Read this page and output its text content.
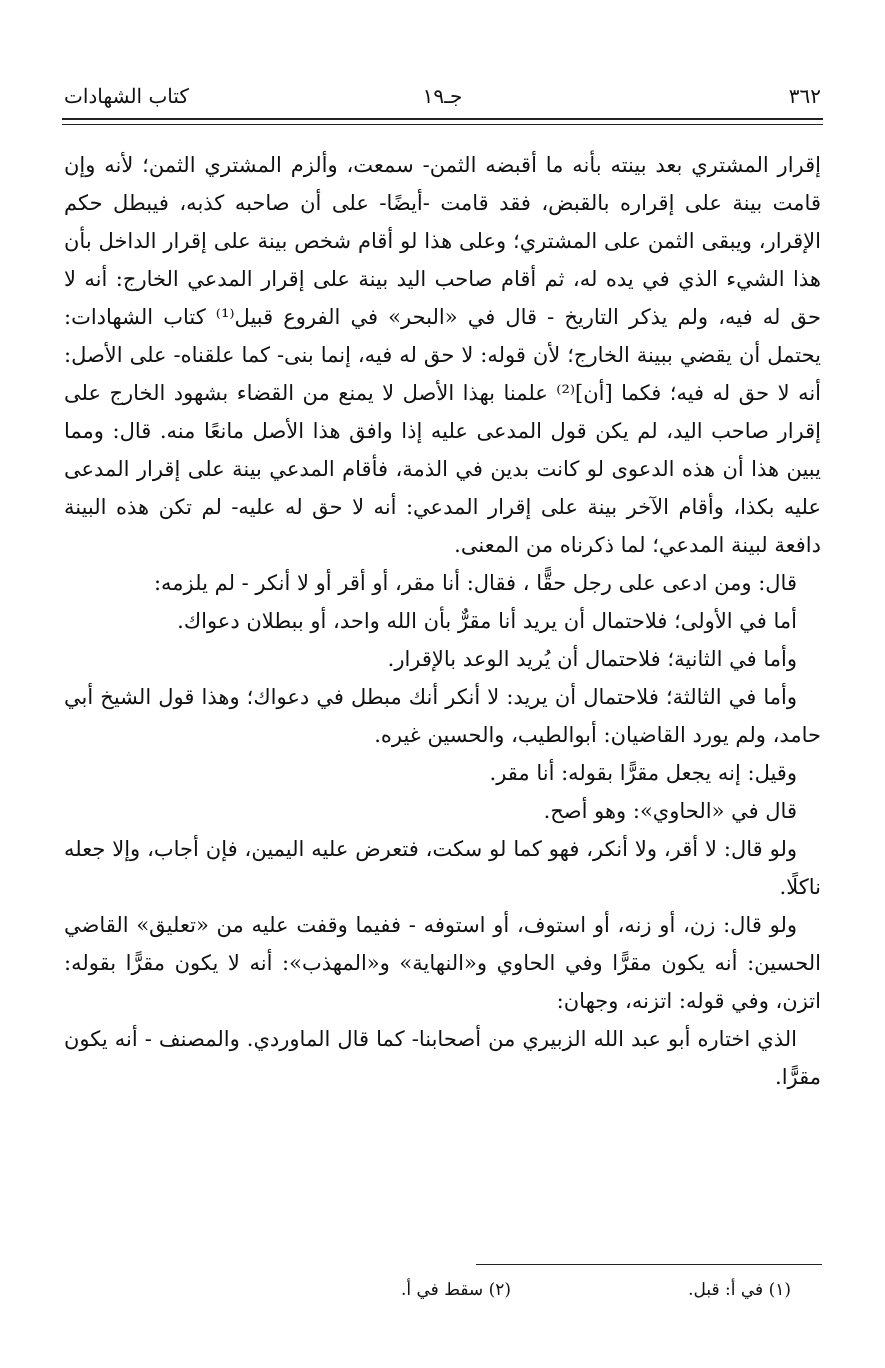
٣٦٢
جـ١٩
كتاب الشهادات

إقرار المشتري بعد بينته بأنه ما أقبضه الثمن- سمعت، وألزم المشتري الثمن؛ لأنه وإن قامت بينة على إقراره بالقبض، فقد قامت -أيضًا- على أن صاحبه كذبه، فيبطل حكم الإقرار، ويبقى الثمن على المشتري؛ وعلى هذا لو أقام شخص بينة على إقرار الداخل بأن هذا الشيء الذي في يده له، ثم أقام صاحب اليد بينة على إقرار المدعي الخارج: أنه لا حق له فيه، ولم يذكر التاريخ - قال في «البحر» في الفروع قبيل⁽¹⁾ كتاب الشهادات: يحتمل أن يقضي ببينة الخارج؛ لأن قوله: لا حق له فيه، إنما بنى- كما علقناه- على الأصل: أنه لا حق له فيه؛ فكما [أن]⁽²⁾ علمنا بهذا الأصل لا يمنع من القضاء بشهود الخارج على إقرار صاحب اليد، لم يكن قول المدعى عليه إذا وافق هذا الأصل مانعًا منه. قال: ومما يبين هذا أن هذه الدعوى لو كانت بدين في الذمة، فأقام المدعي بينة على إقرار المدعى عليه بكذا، وأقام الآخر بينة على إقرار المدعي: أنه لا حق له عليه- لم تكن هذه البينة دافعة لبينة المدعي؛ لما ذكرناه من المعنى.

قال: ومن ادعى على رجل حقًّا ، فقال: أنا مقر، أو أقر أو لا أنكر - لم يلزمه:

أما في الأولى؛ فلاحتمال أن يريد أنا مقرٌّ بأن الله واحد، أو ببطلان دعواك.

وأما في الثانية؛ فلاحتمال أن يُريد الوعد بالإقرار.

وأما في الثالثة؛ فلاحتمال أن يريد: لا أنكر أنك مبطل في دعواك؛ وهذا قول الشيخ أبي حامد، ولم يورد القاضيان: أبوالطيب، والحسين غيره.

وقيل: إنه يجعل مقرًّا بقوله: أنا مقر.

قال في «الحاوي»: وهو أصح.

ولو قال: لا أقر، ولا أنكر، فهو كما لو سكت، فتعرض عليه اليمين، فإن أجاب، وإلا جعله ناكلًا.

ولو قال: زن، أو زنه، أو استوف، أو استوفه - ففيما وقفت عليه من «تعليق» القاضي الحسين: أنه يكون مقرًّا وفي الحاوي و«النهاية» و«المهذب»: أنه لا يكون مقرًّا بقوله: اتزن، وفي قوله: اتزنه، وجهان:

الذي اختاره أبو عبد الله الزبيري من أصحابنا- كما قال الماوردي. والمصنف - أنه يكون مقرًّا.

(١) في أ: قبل.
(٢) سقط في أ.
